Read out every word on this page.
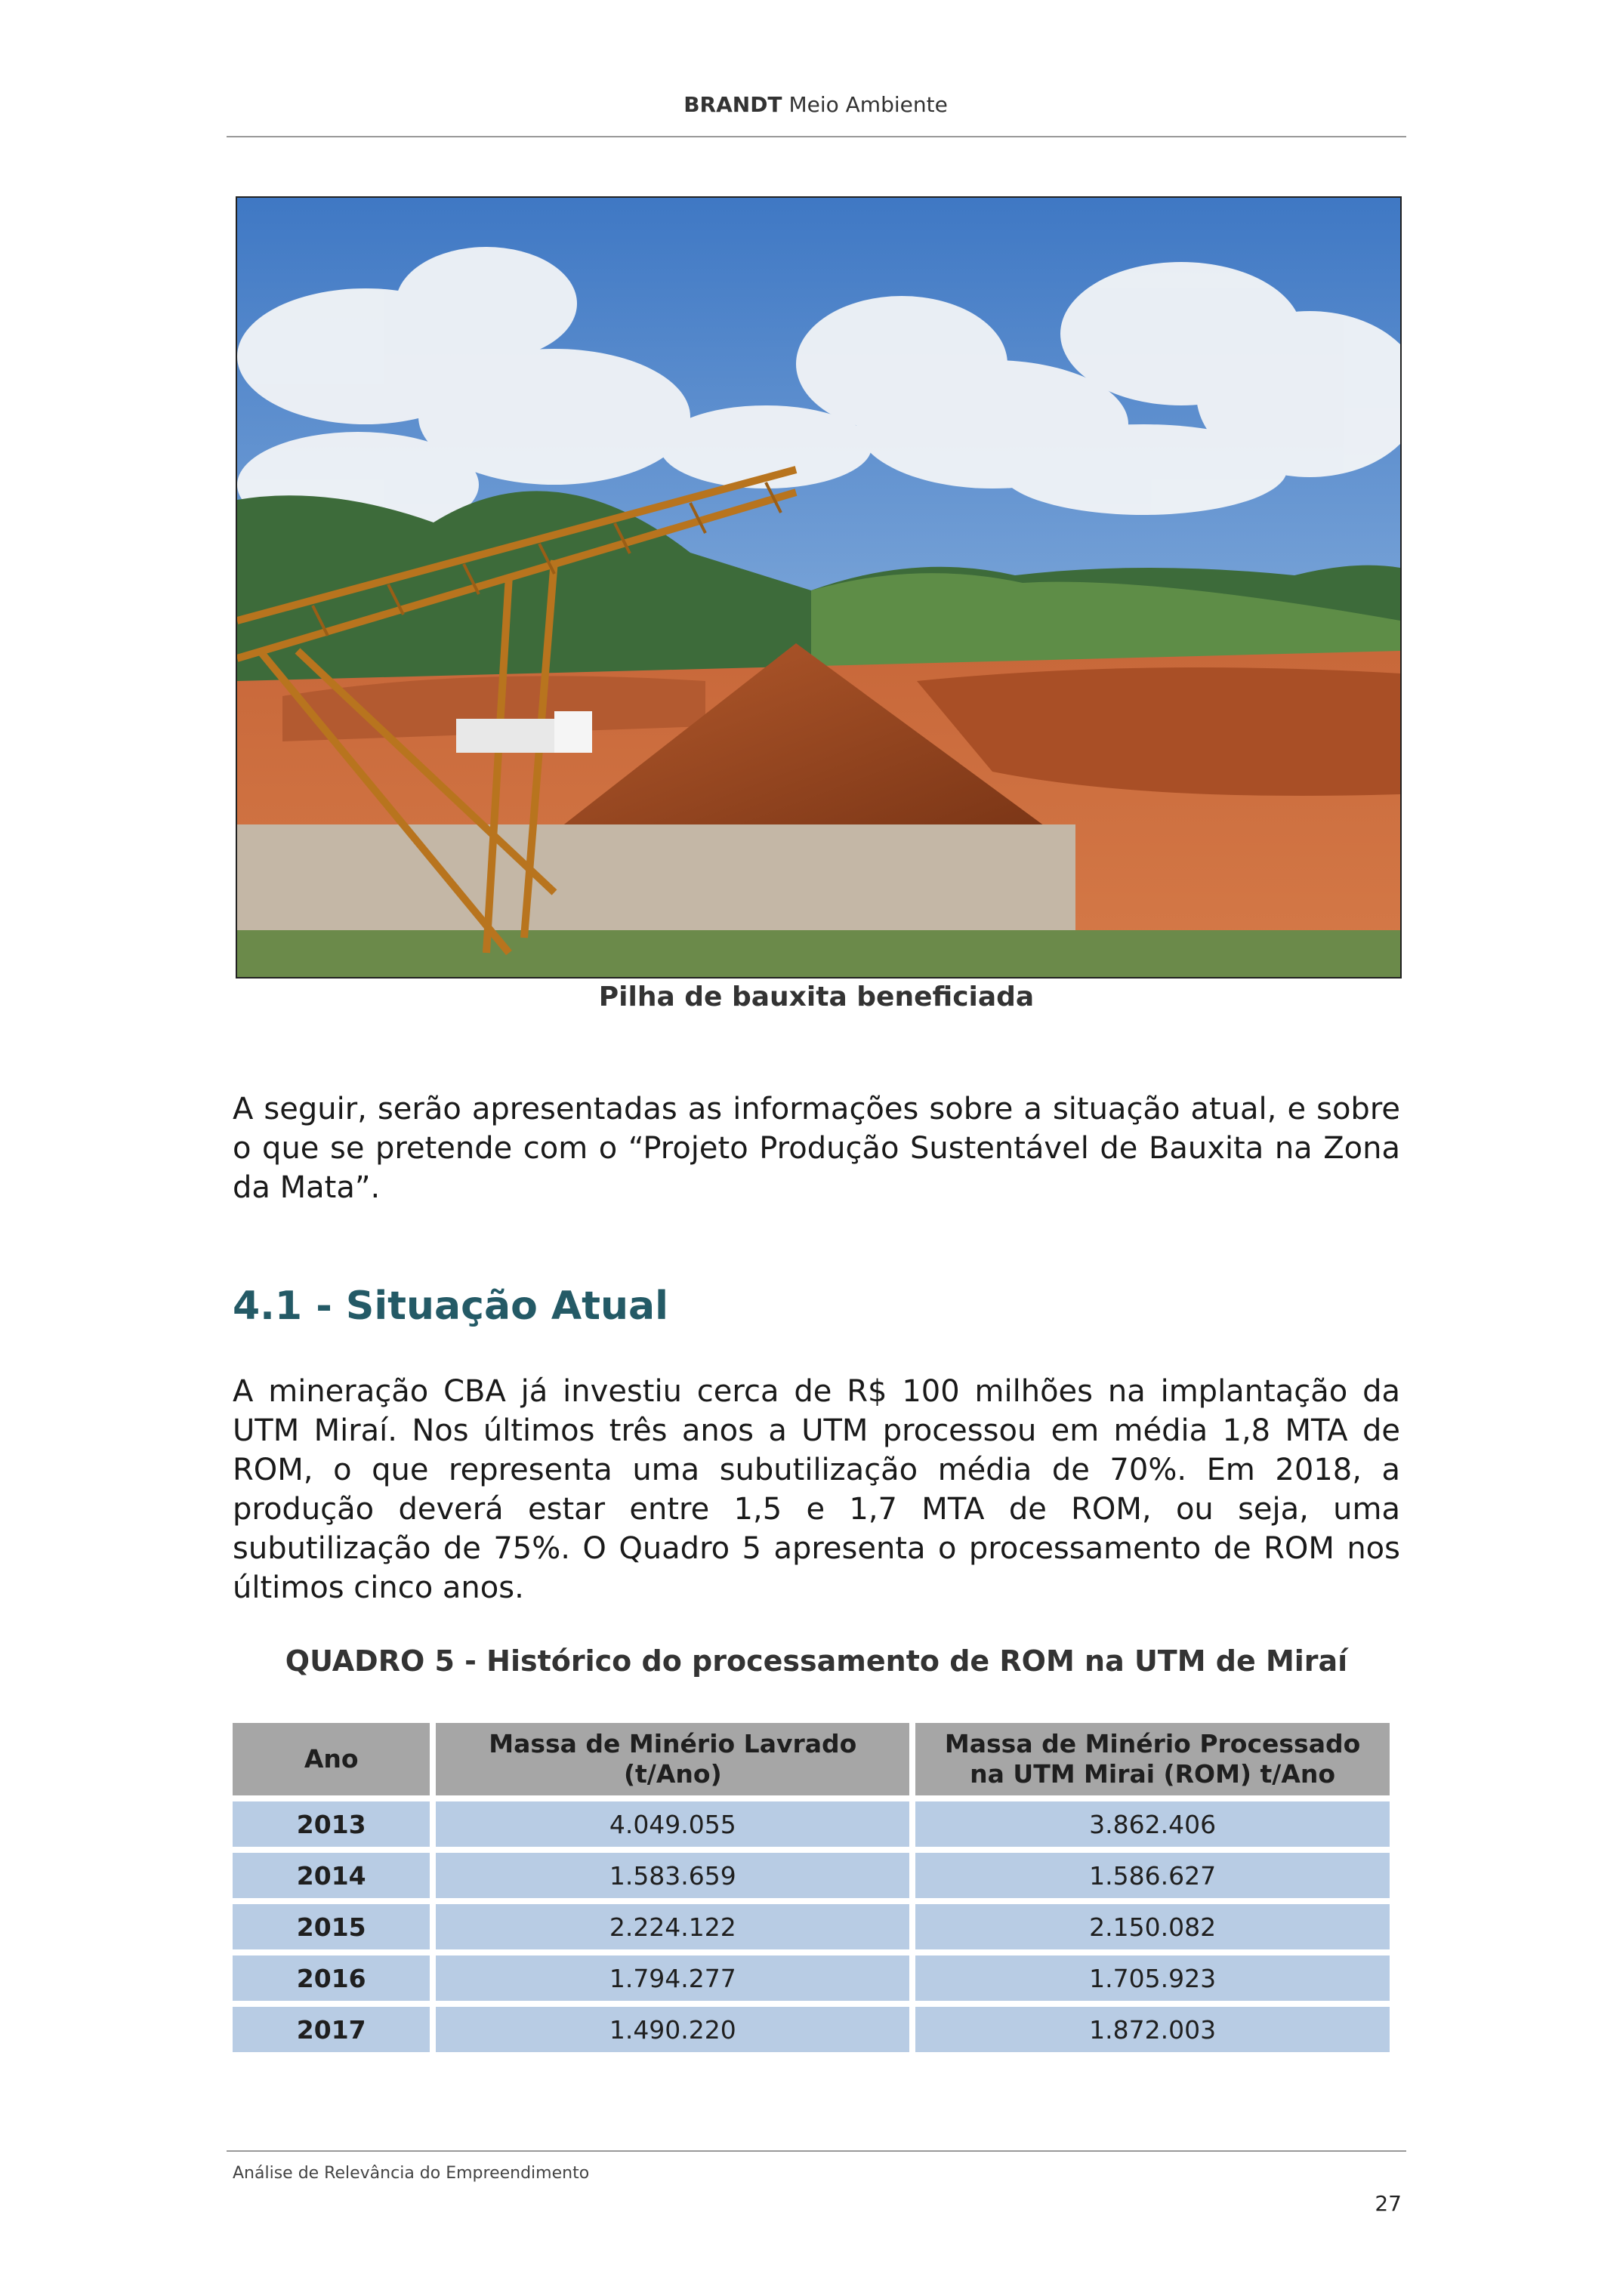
BRANDT Meio Ambiente
Pilha de bauxita beneficiada

A seguir, serão apresentadas as informações sobre a situação atual, e sobre o que se pretende com o “Projeto Produção Sustentável de Bauxita na Zona da Mata”.

4.1 - Situação Atual

A mineração CBA já investiu cerca de R$ 100 milhões na implantação da UTM Miraí. Nos últimos três anos a UTM processou em média 1,8 MTA de ROM, o que representa uma subutilização média de 70%. Em 2018, a produção deverá estar entre 1,5 e 1,7 MTA de ROM, ou seja, uma subutilização de 75%. O Quadro 5 apresenta o processamento de ROM nos últimos cinco anos.

QUADRO 5 - Histórico do processamento de ROM na UTM de Miraí
Ano	Massa de Minério Lavrado (t/Ano)	Massa de Minério Processado na UTM Mirai (ROM) t/Ano
2013	4.049.055	3.862.406
2014	1.583.659	1.586.627
2015	2.224.122	2.150.082
2016	1.794.277	1.705.923
2017	1.490.220	1.872.003
Análise de Relevância do Empreendimento
27
